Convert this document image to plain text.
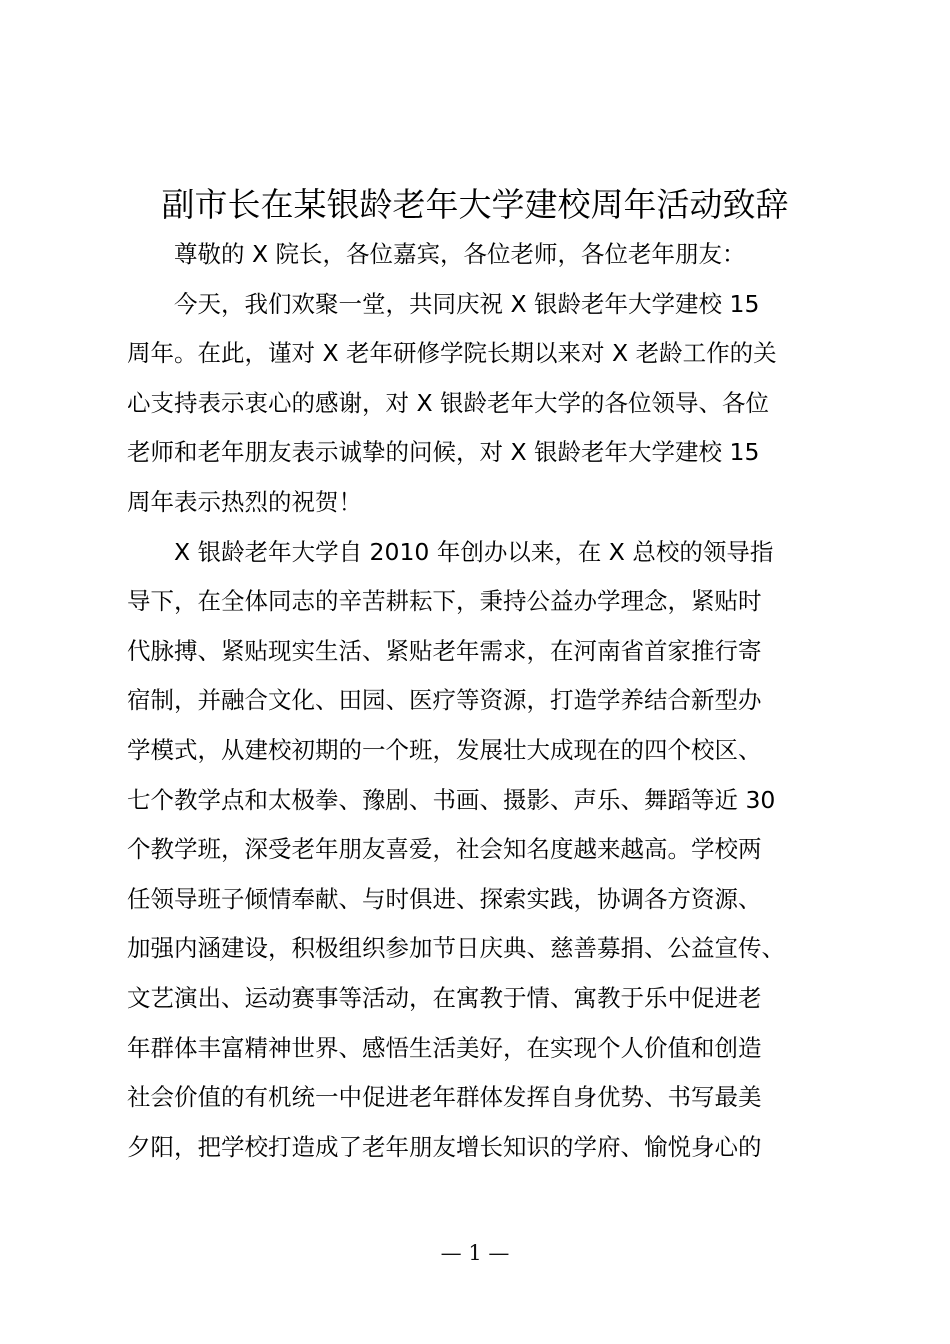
副市长在某银龄老年大学建校周年活动致辞

尊敬的 X 院长，各位嘉宾，各位老师，各位老年朋友：

今天，我们欢聚一堂，共同庆祝 X 银龄老年大学建校 15
周年。在此，谨对 X 老年研修学院长期以来对 X 老龄工作的关
心支持表示衷心的感谢，对 X 银龄老年大学的各位领导、各位
老师和老年朋友表示诚挚的问候，对 X 银龄老年大学建校 15
周年表示热烈的祝贺！

X 银龄老年大学自 2010 年创办以来，在 X 总校的领导指
导下，在全体同志的辛苦耕耘下，秉持公益办学理念，紧贴时
代脉搏、紧贴现实生活、紧贴老年需求，在河南省首家推行寄
宿制，并融合文化、田园、医疗等资源，打造学养结合新型办
学模式，从建校初期的一个班，发展壮大成现在的四个校区、
七个教学点和太极拳、豫剧、书画、摄影、声乐、舞蹈等近 30
个教学班，深受老年朋友喜爱，社会知名度越来越高。学校两
任领导班子倾情奉献、与时俱进、探索实践，协调各方资源、
加强内涵建设，积极组织参加节日庆典、慈善募捐、公益宣传、
文艺演出、运动赛事等活动，在寓教于情、寓教于乐中促进老
年群体丰富精神世界、感悟生活美好，在实现个人价值和创造
社会价值的有机统一中促进老年群体发挥自身优势、书写最美
夕阳，把学校打造成了老年朋友增长知识的学府、愉悦身心的

— 1 —
